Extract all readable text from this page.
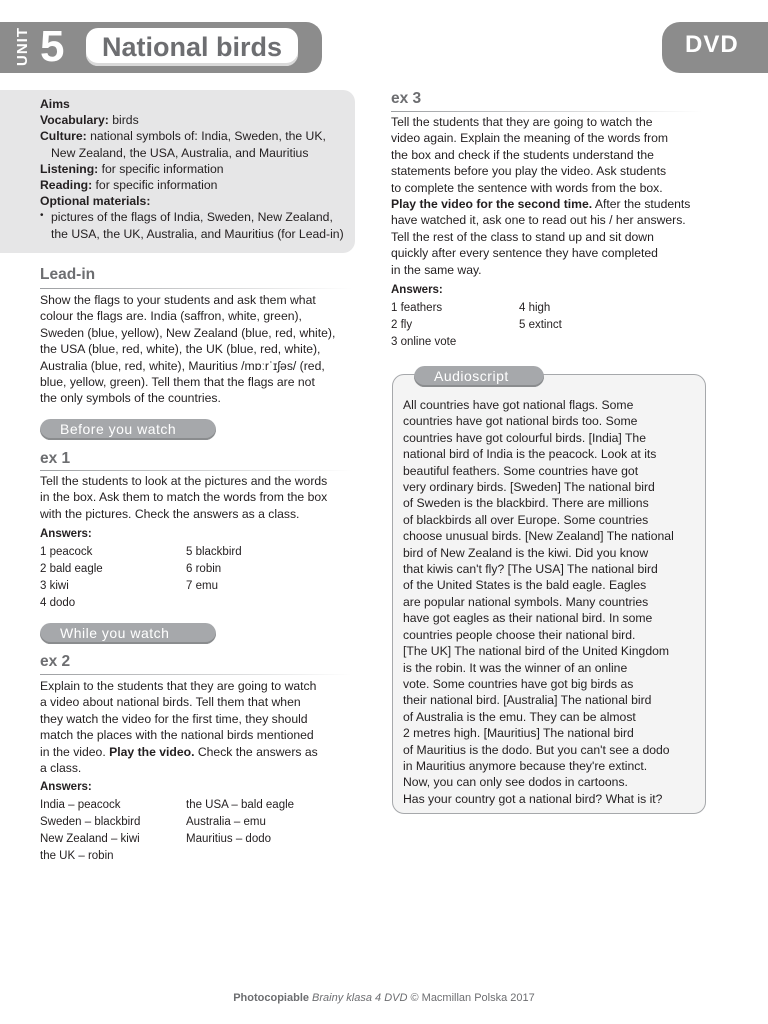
UNIT 5 National birds	DVD
Aims
Vocabulary: birds
Culture: national symbols of: India, Sweden, the UK,
New Zealand, the USA, Australia, and Mauritius
Listening: for specific information
Reading: for specific information
Optional materials:
• pictures of the flags of India, Sweden, New Zealand,
the USA, the UK, Australia, and Mauritius (for Lead-in)
Lead-in
Show the flags to your students and ask them what
colour the flags are. India (saffron, white, green),
Sweden (blue, yellow), New Zealand (blue, red, white),
the USA (blue, red, white), the UK (blue, red, white),
Australia (blue, red, white), Mauritius /mɒːrˈɪʃəs/ (red,
blue, yellow, green). Tell them that the flags are not
the only symbols of the countries.
Before you watch
ex 1
Tell the students to look at the pictures and the words
in the box. Ask them to match the words from the box
with the pictures. Check the answers as a class.
Answers:
1 peacock
2 bald eagle
3 kiwi
4 dodo
5 blackbird
6 robin
7 emu
While you watch
ex 2
Explain to the students that they are going to watch
a video about national birds. Tell them that when
they watch the video for the first time, they should
match the places with the national birds mentioned
in the video. Play the video. Check the answers as
a class.
Answers:
India – peacock
Sweden – blackbird
New Zealand – kiwi
the UK – robin
the USA – bald eagle
Australia – emu
Mauritius – dodo
ex 3
Tell the students that they are going to watch the
video again. Explain the meaning of the words from
the box and check if the students understand the
statements before you play the video. Ask students
to complete the sentence with words from the box.
Play the video for the second time. After the students
have watched it, ask one to read out his / her answers.
Tell the rest of the class to stand up and sit down
quickly after every sentence they have completed
in the same way.
Answers:
1 feathers
2 fly
3 online vote
4 high
5 extinct
Audioscript
All countries have got national flags. Some
countries have got national birds too. Some
countries have got colourful birds. [India] The
national bird of India is the peacock. Look at its
beautiful feathers. Some countries have got
very ordinary birds. [Sweden] The national bird
of Sweden is the blackbird. There are millions
of blackbirds all over Europe. Some countries
choose unusual birds. [New Zealand] The national
bird of New Zealand is the kiwi. Did you know
that kiwis can't fly? [The USA] The national bird
of the United States is the bald eagle. Eagles
are popular national symbols. Many countries
have got eagles as their national bird. In some
countries people choose their national bird.
[The UK] The national bird of the United Kingdom
is the robin. It was the winner of an online
vote. Some countries have got big birds as
their national bird. [Australia] The national bird
of Australia is the emu. They can be almost
2 metres high. [Mauritius] The national bird
of Mauritius is the dodo. But you can't see a dodo
in Mauritius anymore because they're extinct.
Now, you can only see dodos in cartoons.
Has your country got a national bird? What is it?
Photocopiable Brainy klasa 4 DVD © Macmillan Polska 2017
